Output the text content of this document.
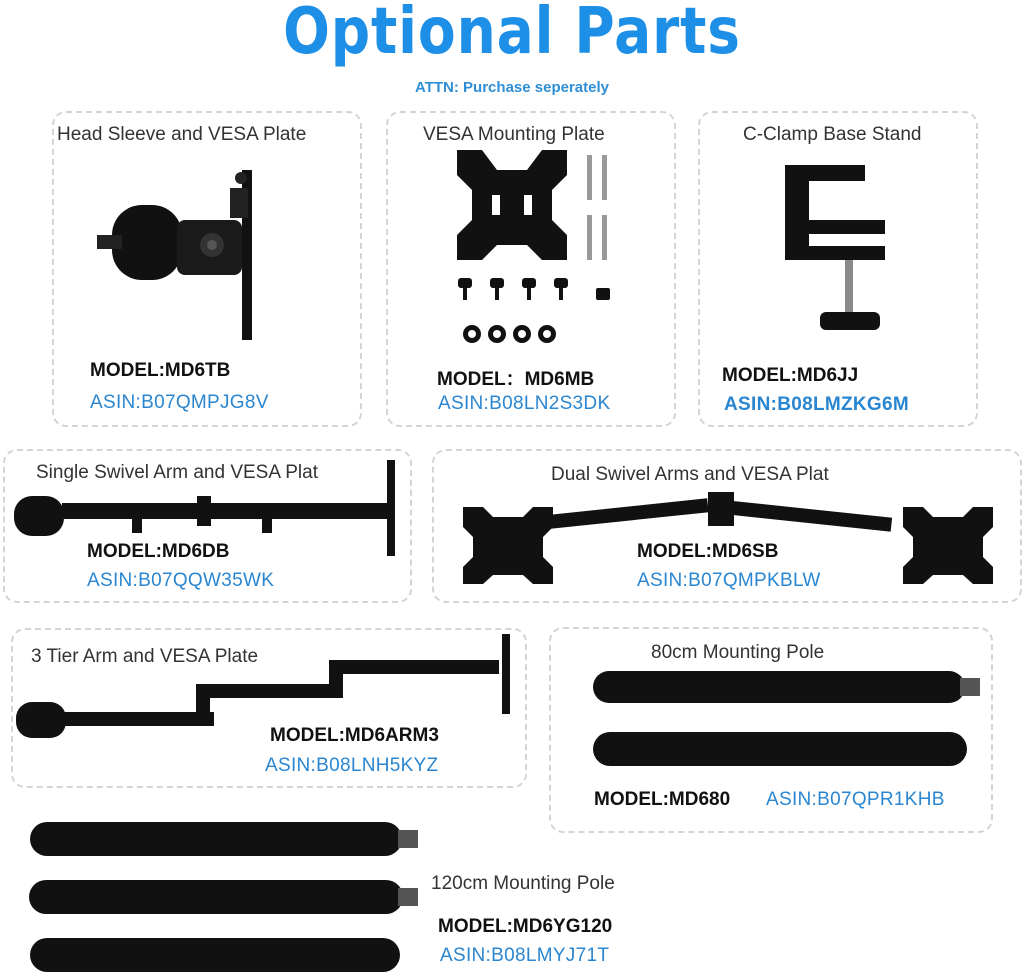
Optional Parts
ATTN: Purchase seperately
Head Sleeve and VESA Plate
MODEL:MD6TB
ASIN:B07QMPJG8V
VESA Mounting Plate
MODEL：MD6MB
ASIN:B08LN2S3DK
C-Clamp Base Stand
MODEL:MD6JJ
ASIN:B08LMZKG6M
Single Swivel Arm and VESA Plat
MODEL:MD6DB
ASIN:B07QQW35WK
Dual Swivel Arms and VESA Plat
MODEL:MD6SB
ASIN:B07QMPKBLW
3 Tier Arm and VESA Plate
MODEL:MD6ARM3
ASIN:B08LNH5KYZ
80cm Mounting Pole
MODEL:MD680 ASIN:B07QPR1KHB
120cm Mounting Pole
MODEL:MD6YG120
ASIN:B08LMYJ71T
